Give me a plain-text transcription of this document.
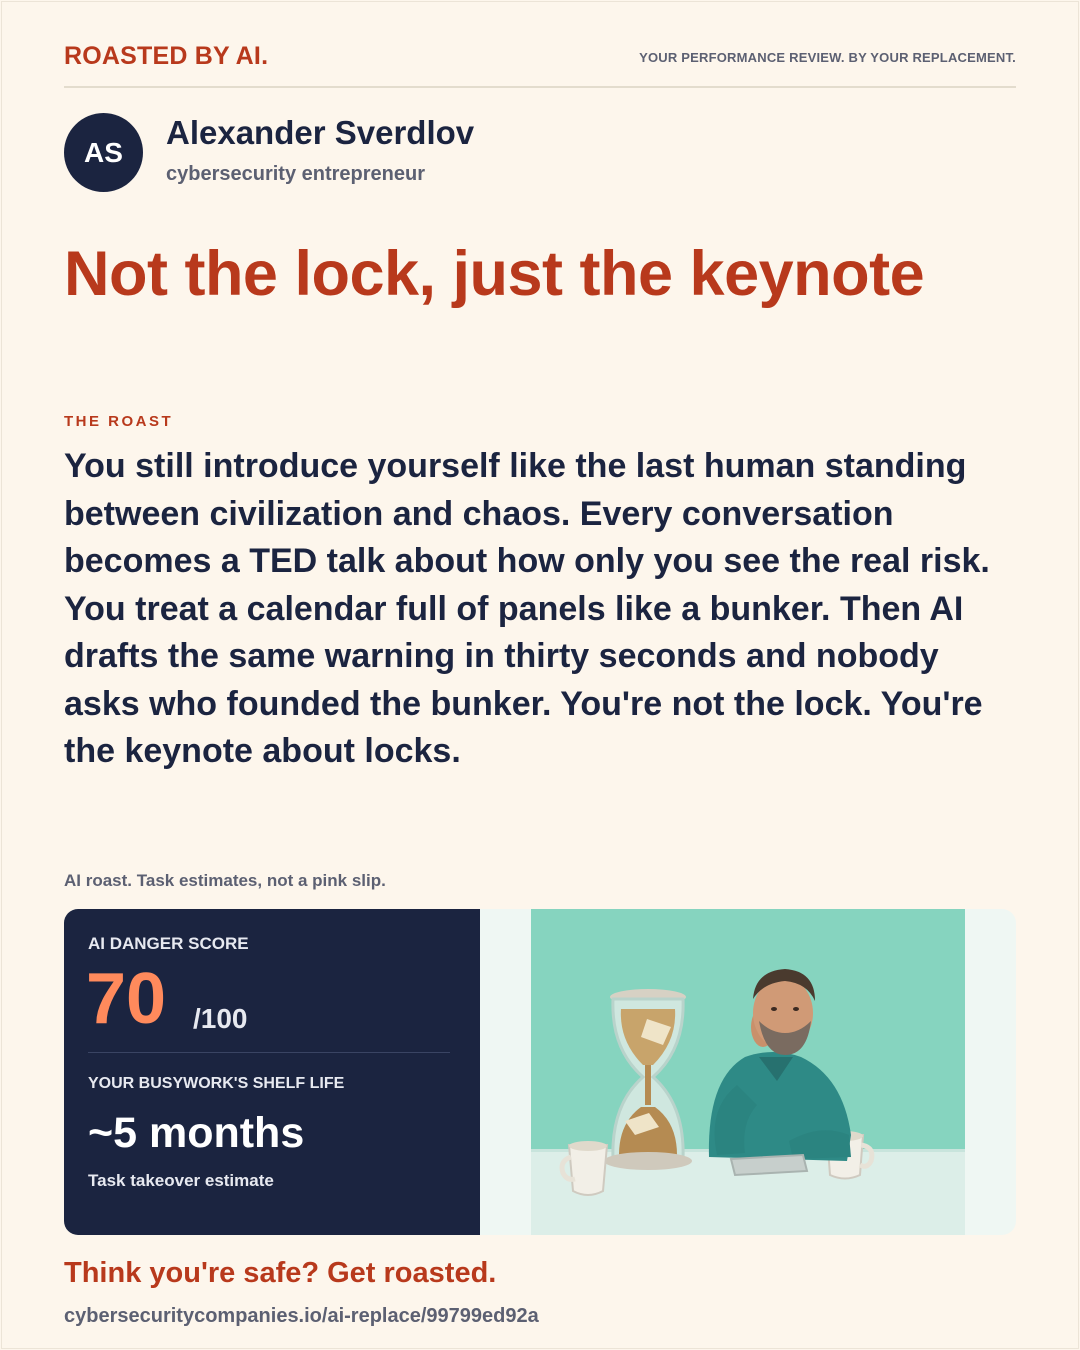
ROASTED BY AI.	YOUR PERFORMANCE REVIEW. BY YOUR REPLACEMENT.
AS
Alexander Sverdlov
cybersecurity entrepreneur
Not the lock, just the keynote
THE ROAST
You still introduce yourself like the last human standing between civilization and chaos. Every conversation becomes a TED talk about how only you see the real risk. You treat a calendar full of panels like a bunker. Then AI drafts the same warning in thirty seconds and nobody asks who founded the bunker. You're not the lock. You're the keynote about locks.
AI roast. Task estimates, not a pink slip.
AI DANGER SCORE
70 /100
YOUR BUSYWORK'S SHELF LIFE
~5 months
Task takeover estimate
Think you're safe? Get roasted.
cybersecuritycompanies.io/ai-replace/99799ed92a
